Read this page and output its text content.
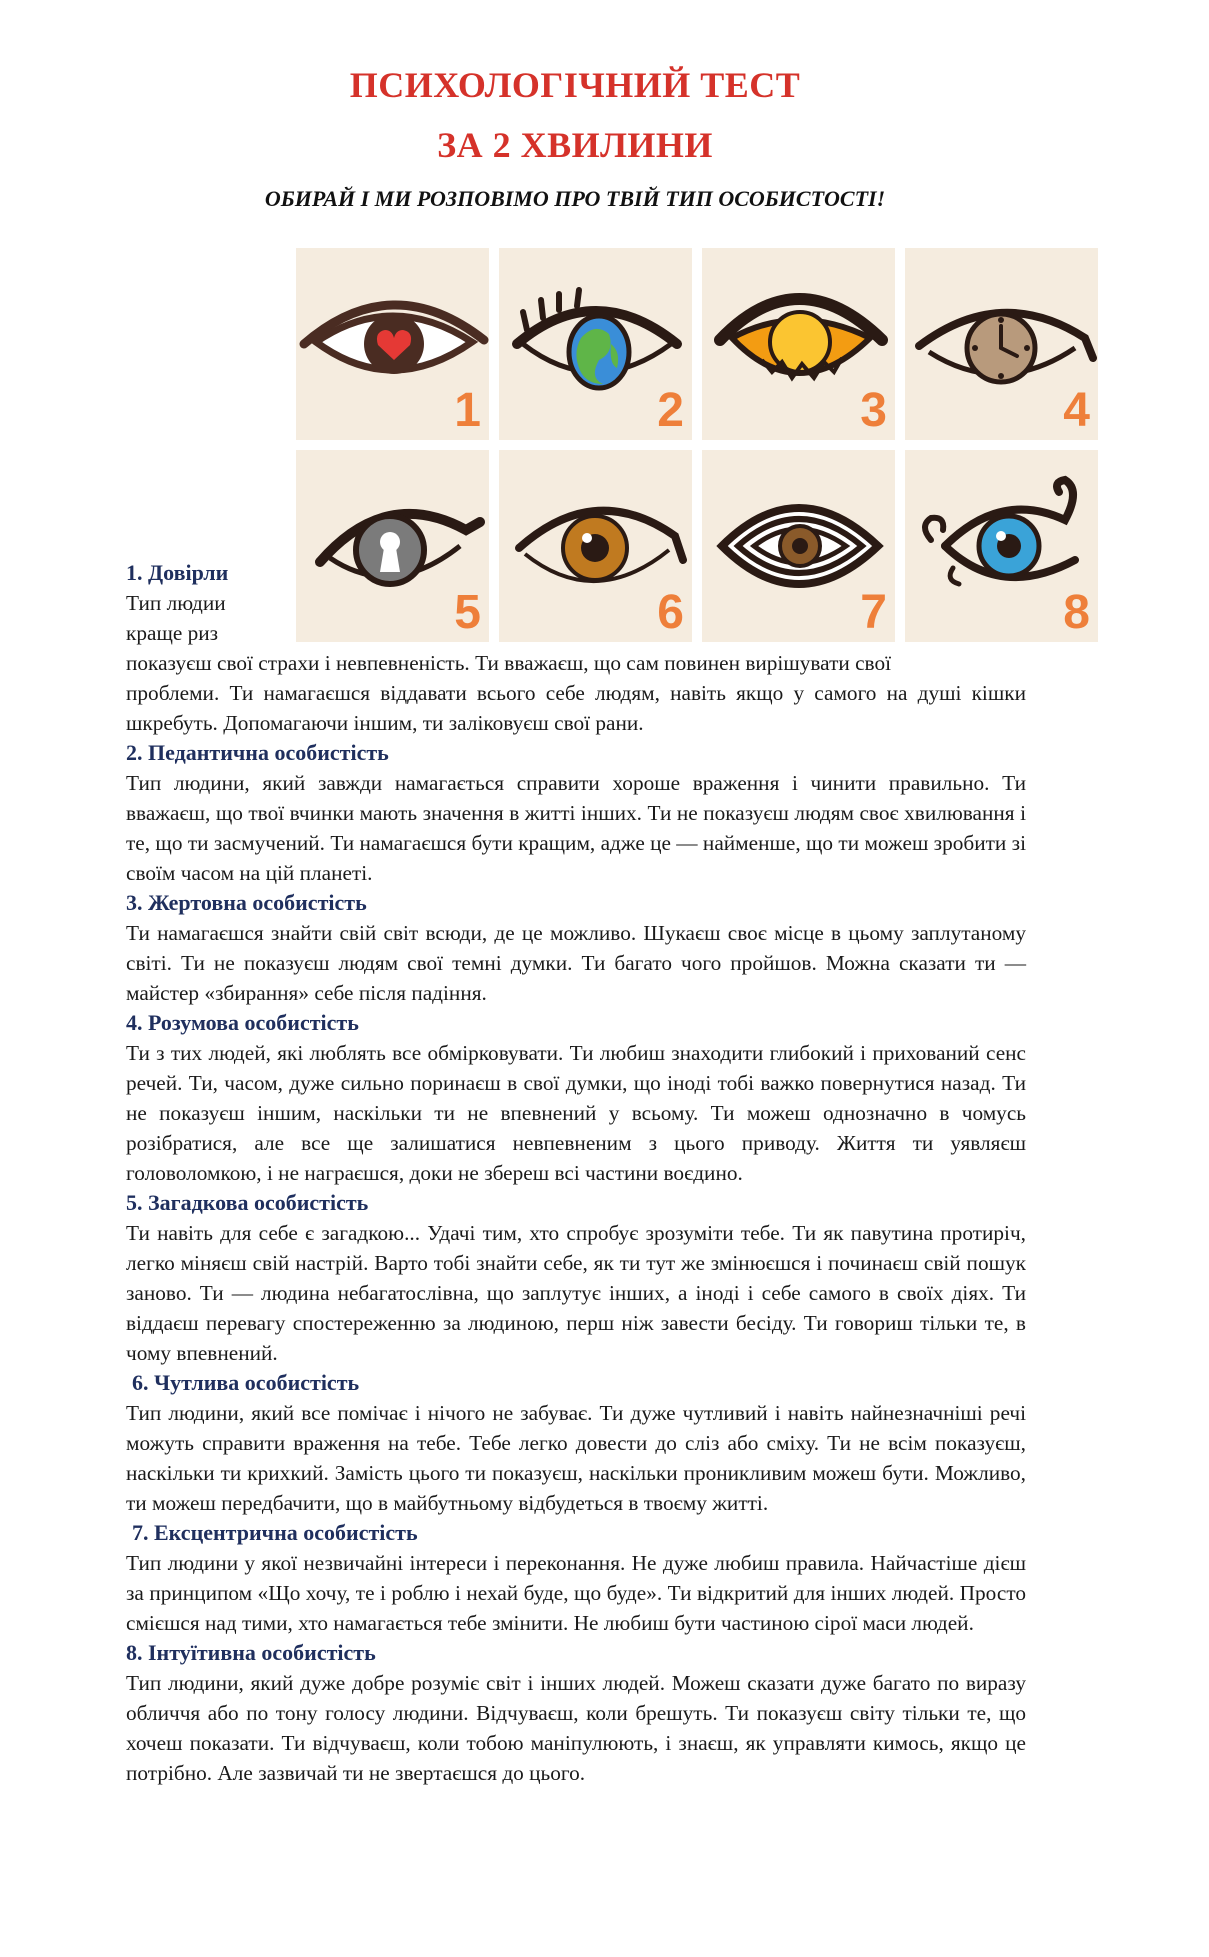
ПСИХОЛОГІЧНИЙ ТЕСТ
ЗА 2 ХВИЛИНИ
ОБИРАЙ І МИ РОЗПОВІМО ПРО ТВІЙ ТИП ОСОБИСТОСТІ!
1. Довірли

Тип людии

краще риз

показуєш свої страхи і невпевненість. Ти вважаєш, що сам повинен вирішувати свої

проблеми. Ти намагаєшся віддавати всього себе людям, навіть якщо у самого на душі кішки шкребуть. Допомагаючи іншим, ти заліковуєш свої рани.

2. Педантична особистість

Тип людини, який завжди намагається справити хороше враження і чинити правильно. Ти вважаєш, що твої вчинки мають значення в житті інших. Ти не показуєш людям своє хвилювання і те, що ти засмучений. Ти намагаєшся бути кращим, адже це — найменше, що ти можеш зробити зі своїм часом на цій планеті.

3. Жертовна особистість

Ти намагаєшся знайти свій світ всюди, де це можливо. Шукаєш своє місце в цьому заплутаному світі. Ти не показуєш людям свої темні думки. Ти багато чого пройшов. Можна сказати ти — майстер «збирання» себе після падіння.

4. Розумова особистість

Ти з тих людей, які люблять все обмірковувати. Ти любиш знаходити глибокий і прихований сенс речей. Ти, часом, дуже сильно поринаєш в свої думки, що іноді тобі важко повернутися назад. Ти не показуєш іншим, наскільки ти не впевнений у всьому. Ти можеш однозначно в чомусь розібратися, але все ще залишатися невпевненим з цього приводу. Життя ти уявляєш головоломкою, і не награєшся, доки не збереш всі частини воєдино.

5. Загадкова особистість

Ти навіть для себе є загадкою... Удачі тим, хто спробує зрозуміти тебе. Ти як павутина протиріч, легко міняєш свій настрій. Варто тобі знайти себе, як ти тут же змінюєшся і починаєш свій пошук заново. Ти — людина небагатослівна, що заплутує інших, а іноді і себе самого в своїх діях. Ти віддаєш перевагу спостереженню за людиною, перш ніж завести бесіду. Ти говориш тільки те, в чому впевнений.

6. Чутлива особистість

Тип людини, який все помічає і нічого не забуває. Ти дуже чутливий і навіть найнезначніші речі можуть справити враження на тебе. Тебе легко довести до сліз або сміху. Ти не всім показуєш, наскільки ти крихкий. Замість цього ти показуєш, наскільки проникливим можеш бути. Можливо, ти можеш передбачити, що в майбутньому відбудеться в твоєму житті.

7. Ексцентрична особистість

Тип людини у якої незвичайні інтереси і переконання. Не дуже любиш правила. Найчастіше дієш за принципом «Що хочу, те і роблю і нехай буде, що буде». Ти відкритий для інших людей. Просто смієшся над тими, хто намагається тебе змінити. Не любиш бути частиною сірої маси людей.

8. Інтуїтивна особистість

Тип людини, який дуже добре розуміє світ і інших людей. Можеш сказати дуже багато по виразу обличчя або по тону голосу людини. Відчуваєш, коли брешуть. Ти показуєш світу тільки те, що хочеш показати. Ти відчуваєш, коли тобою маніпулюють, і знаєш, як управляти кимось, якщо це потрібно. Але зазвичай ти не звертаєшся до цього.

1	2	3	4
5	6	7	8
